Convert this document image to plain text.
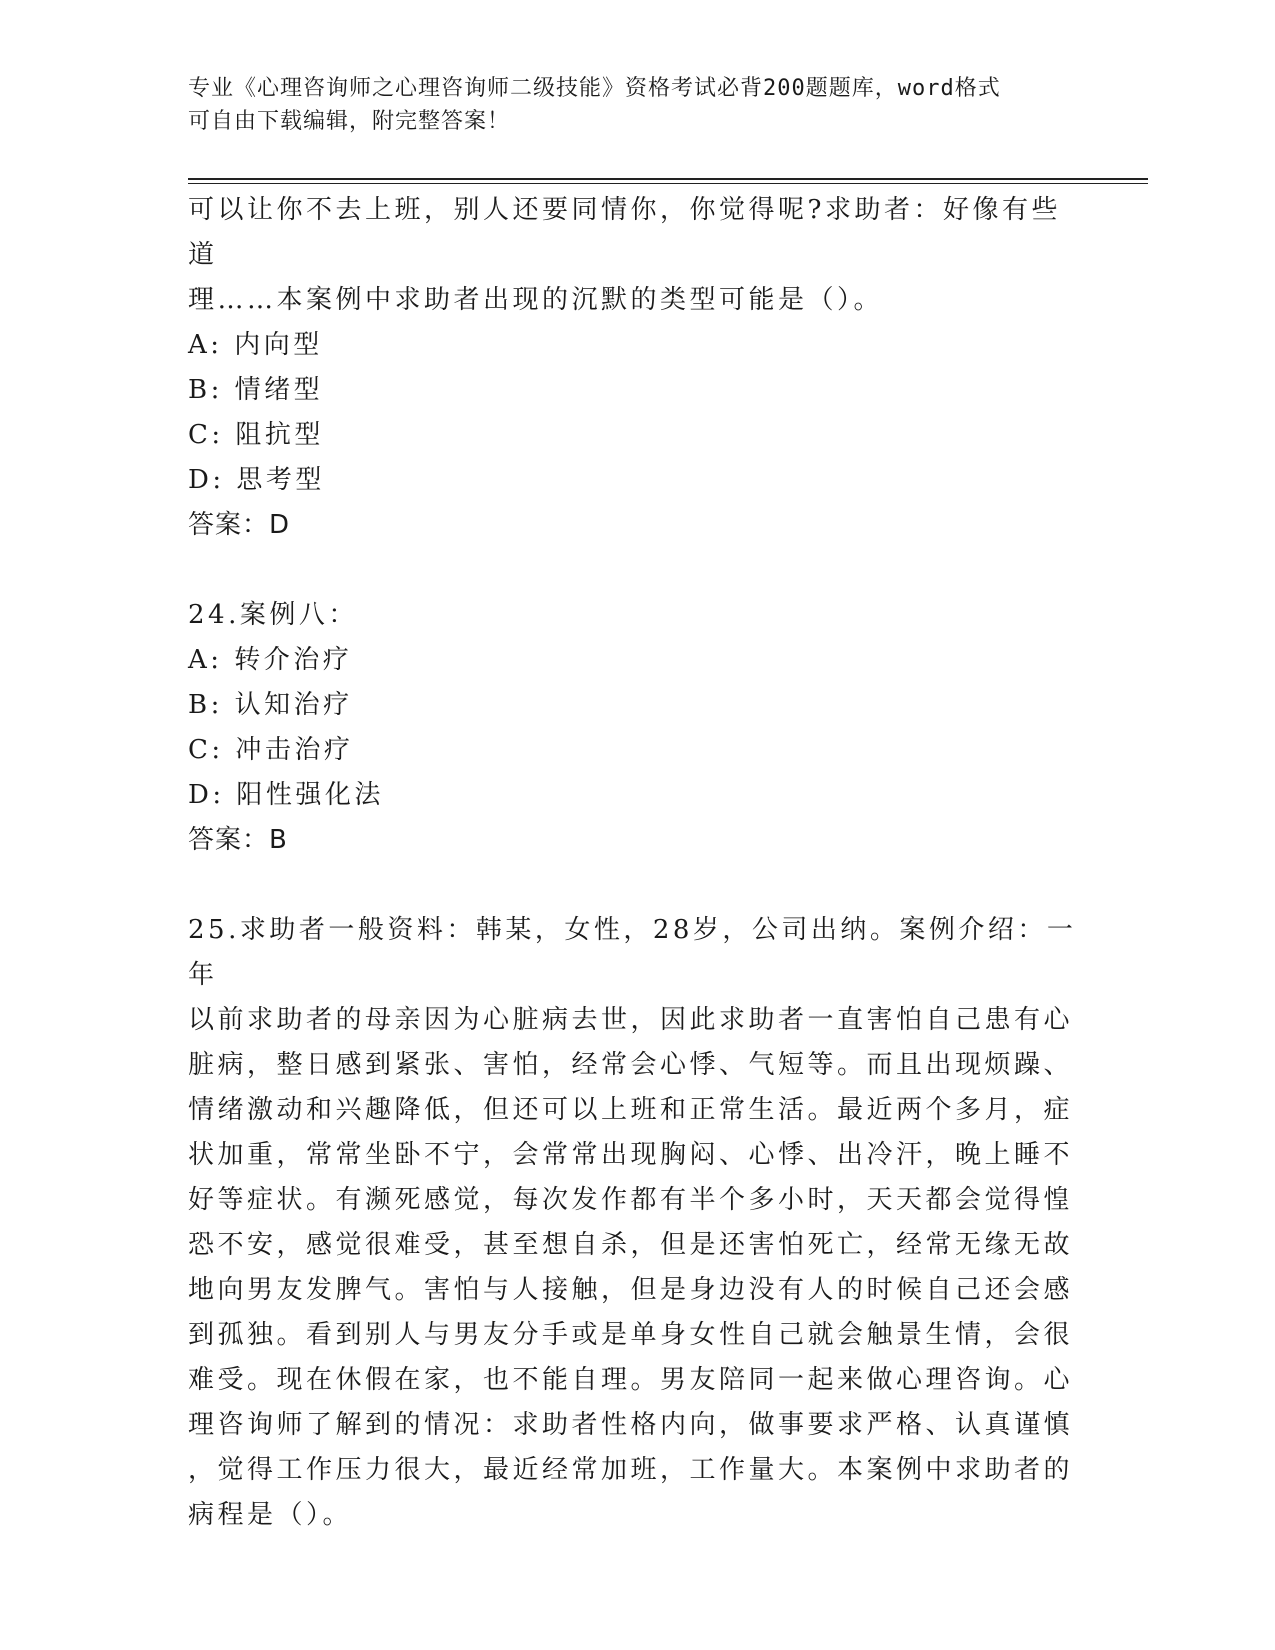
专业《心理咨询师之心理咨询师二级技能》资格考试必背200题题库，word格式
可自由下载编辑，附完整答案！

可以让你不去上班，别人还要同情你，你觉得呢?求助者：好像有些道

理……本案例中求助者出现的沉默的类型可能是（）。

A: 内向型

B: 情绪型

C: 阻抗型

D: 思考型

答案：D

24.案例八：

A: 转介治疗

B: 认知治疗

C: 冲击治疗

D: 阳性强化法

答案：B

25.求助者一般资料：韩某，女性，28岁，公司出纳。案例介绍：一年

以前求助者的母亲因为心脏病去世，因此求助者一直害怕自己患有心

脏病，整日感到紧张、害怕，经常会心悸、气短等。而且出现烦躁、

情绪激动和兴趣降低，但还可以上班和正常生活。最近两个多月，症

状加重，常常坐卧不宁，会常常出现胸闷、心悸、出冷汗，晚上睡不

好等症状。有濒死感觉，每次发作都有半个多小时，天天都会觉得惶

恐不安，感觉很难受，甚至想自杀，但是还害怕死亡，经常无缘无故

地向男友发脾气。害怕与人接触，但是身边没有人的时候自己还会感

到孤独。看到别人与男友分手或是单身女性自己就会触景生情，会很

难受。现在休假在家，也不能自理。男友陪同一起来做心理咨询。心

理咨询师了解到的情况：求助者性格内向，做事要求严格、认真谨慎

，觉得工作压力很大，最近经常加班，工作量大。本案例中求助者的

病程是（）。
